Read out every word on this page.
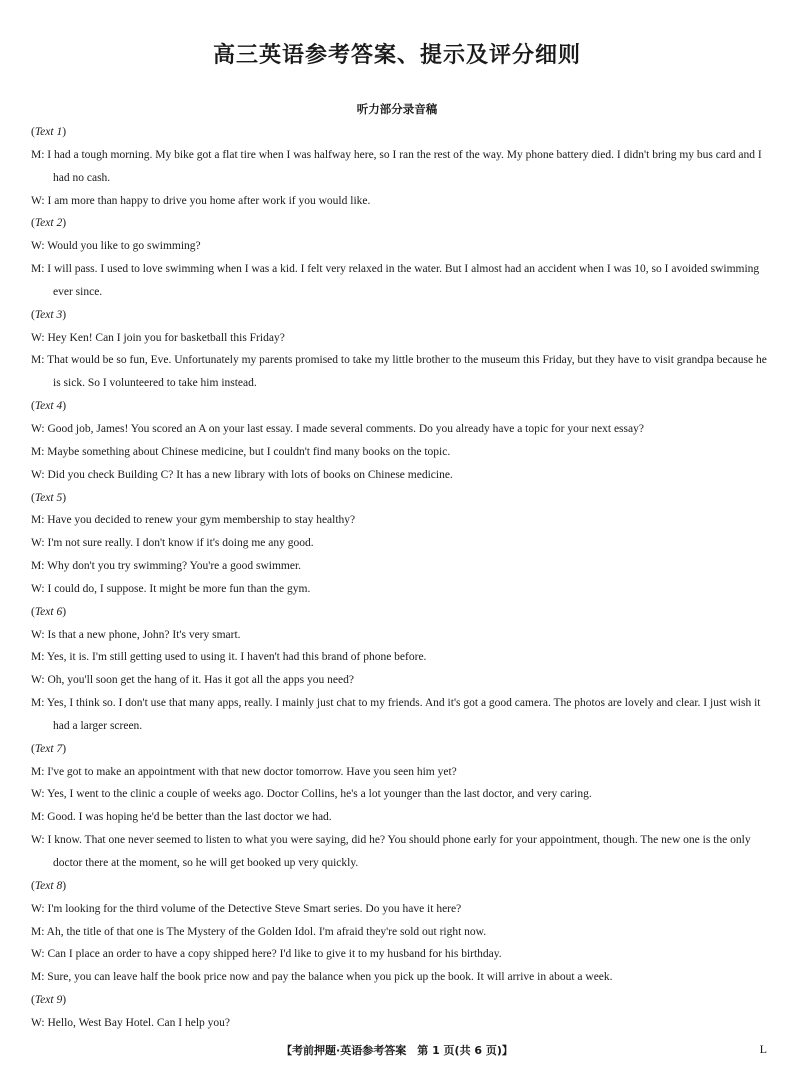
高三英语参考答案、提示及评分细则
听力部分录音稿

(Text 1)

M: I had a tough morning. My bike got a flat tire when I was halfway here, so I ran the rest of the way. My phone battery died. I didn't bring my bus card and I had no cash.

W: I am more than happy to drive you home after work if you would like.

(Text 2)

W: Would you like to go swimming?

M: I will pass. I used to love swimming when I was a kid. I felt very relaxed in the water. But I almost had an accident when I was 10, so I avoided swimming ever since.

(Text 3)

W: Hey Ken! Can I join you for basketball this Friday?

M: That would be so fun, Eve. Unfortunately my parents promised to take my little brother to the museum this Friday, but they have to visit grandpa because he is sick. So I volunteered to take him instead.

(Text 4)

W: Good job, James! You scored an A on your last essay. I made several comments. Do you already have a topic for your next essay?

M: Maybe something about Chinese medicine, but I couldn't find many books on the topic.

W: Did you check Building C? It has a new library with lots of books on Chinese medicine.

(Text 5)

M: Have you decided to renew your gym membership to stay healthy?

W: I'm not sure really. I don't know if it's doing me any good.

M: Why don't you try swimming? You're a good swimmer.

W: I could do, I suppose. It might be more fun than the gym.

(Text 6)

W: Is that a new phone, John? It's very smart.

M: Yes, it is. I'm still getting used to using it. I haven't had this brand of phone before.

W: Oh, you'll soon get the hang of it. Has it got all the apps you need?

M: Yes, I think so. I don't use that many apps, really. I mainly just chat to my friends. And it's got a good camera. The photos are lovely and clear. I just wish it had a larger screen.

(Text 7)

M: I've got to make an appointment with that new doctor tomorrow. Have you seen him yet?

W: Yes, I went to the clinic a couple of weeks ago. Doctor Collins, he's a lot younger than the last doctor, and very caring.

M: Good. I was hoping he'd be better than the last doctor we had.

W: I know. That one never seemed to listen to what you were saying, did he? You should phone early for your appointment, though. The new one is the only doctor there at the moment, so he will get booked up very quickly.

(Text 8)

W: I'm looking for the third volume of the Detective Steve Smart series. Do you have it here?

M: Ah, the title of that one is The Mystery of the Golden Idol. I'm afraid they're sold out right now.

W: Can I place an order to have a copy shipped here? I'd like to give it to my husband for his birthday.

M: Sure, you can leave half the book price now and pay the balance when you pick up the book. It will arrive in about a week.

(Text 9)

W: Hello, West Bay Hotel. Can I help you?

【考前押题·英语参考答案　第 1 页(共 6 页)】	L
